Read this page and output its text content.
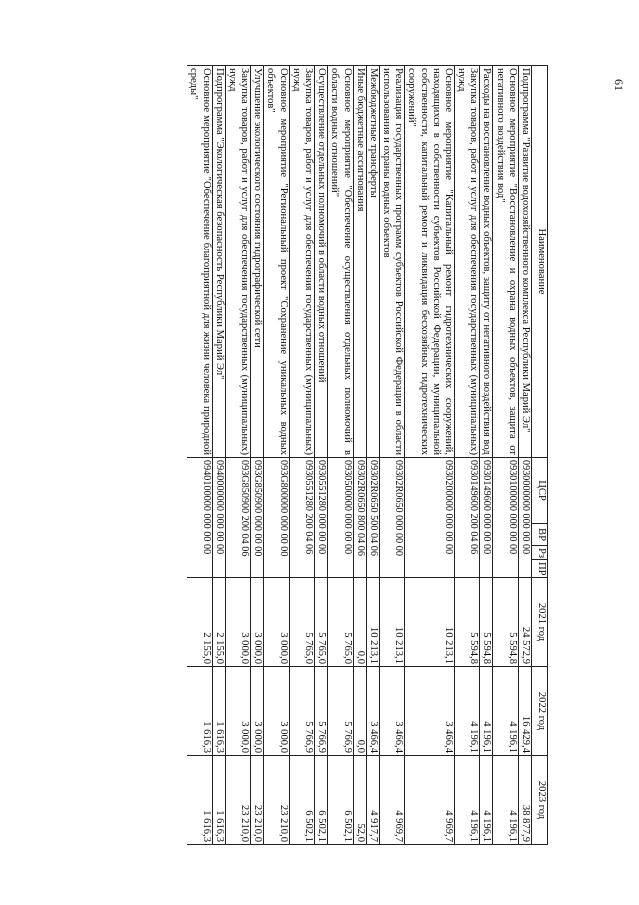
61
Наименование	ЦСР	ВР	Рз	ПР	2021 год	2022 год	2023 год
Подпрограмма "Развитие водохозяйственного комплекса Республики Марий Эл"	0930000000 000 00 00				24 572,9	16 429,4	38 877,9

Основное мероприятие "Восстановление и охрана водных объектов, защита от негативного воздействия вод"	0930100000 000 00 00				5 594,8	4 196,1	4 196,1

Расходы на восстановление водных объектов, защиту от негативного воздействия вод	0930149600 000 00 00				5 594,8	4 196,1	4 196,1

Закупка товаров, работ и услуг для обеспечения государственных (муниципальных) нужд	0930149600 200 04 06				5 594,8	4 196,1	4 196,1

Основное мероприятие "Капитальный ремонт гидротехнических сооружений, находящихся в собственности субъектов Российской Федерации, муниципальной собственности, капитальный ремонт и ликвидация бесхозяйных гидротехнических сооружений"	0930200000 000 00 00				10 213,1	3 466,4	4 969,7

Реализация государственных программ субъектов Российской Федерации в области использования и охраны водных объектов	09302R0650 000 00 00				10 213,1	3 466,4	4 969,7

Межбюджетные трансферты	09302R0650 500 04 06				10 213,1	3 466,4	4 917,7

Иные бюджетные ассигнования	09302R0650 800 04 06				0,0	0,0	52,0

Основное мероприятие "Обеспечение осуществления отдельных полномочий в области водных отношений"	0930500000 000 00 00				5 765,0	5 766,9	6 502,1

Осуществление отдельных полномочий в области водных отношений	0930551280 000 00 00				5 765,0	5 766,9	6 502,1

Закупка товаров, работ и услуг для обеспечения государственных (муниципальных) нужд	0930551280 200 04 06				5 765,0	5 766,9	6 502,1

Основное мероприятие "Региональный проект "Сохранение уникальных водных объектов"	093G800000 000 00 00				3 000,0	3 000,0	23 210,0

Улучшение экологического состояния гидрографической сети	093G850900 000 00 00				3 000,0	3 000,0	23 210,0

Закупка товаров, работ и услуг для обеспечения государственных (муниципальных) нужд	093G850900 200 04 06				3 000,0	3 000,0	23 210,0

Подпрограмма "Экологическая безопасность Республики Марий Эл"	0940000000 000 00 00				2 155,0	1 616,3	1 616,3

Основное мероприятие "Обеспечение благоприятной для жизни человека природной среды"	0940100000 000 00 00				2 155,0	1 616,3	1 616,3
